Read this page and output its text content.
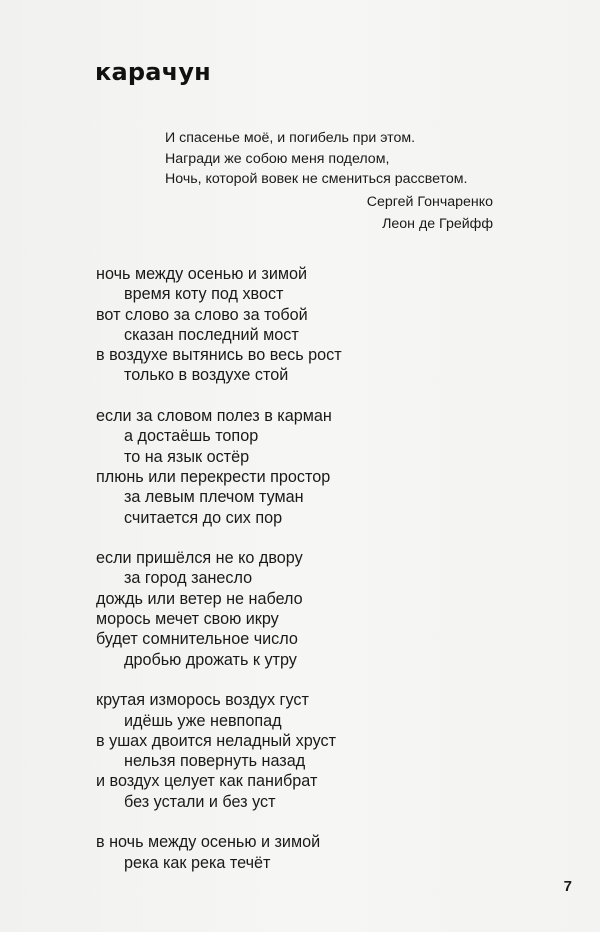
карачун
И спасенье моё, и погибель при этом.
Награди же собою меня поделом,
Ночь, которой вовек не смениться рассветом.
Сергей Гончаренко
Леон де Грейфф
ночь между осенью и зимой
время коту под хвост
вот слово за слово за тобой
сказан последний мост
в воздухе вытянись во весь рост
только в воздухе стой
если за словом полез в карман
а достаёшь топор
то на язык остёр
плюнь или перекрести простор
за левым плечом туман
считается до сих пор
если пришёлся не ко двору
за город занесло
дождь или ветер не набело
морось мечет свою икру
будет сомнительное число
дробью дрожать к утру
крутая изморось воздух густ
идёшь уже невпопад
в ушах двоится неладный хруст
нельзя повернуть назад
и воздух целует как панибрат
без устали и без уст
в ночь между осенью и зимой
река как река течёт
7
